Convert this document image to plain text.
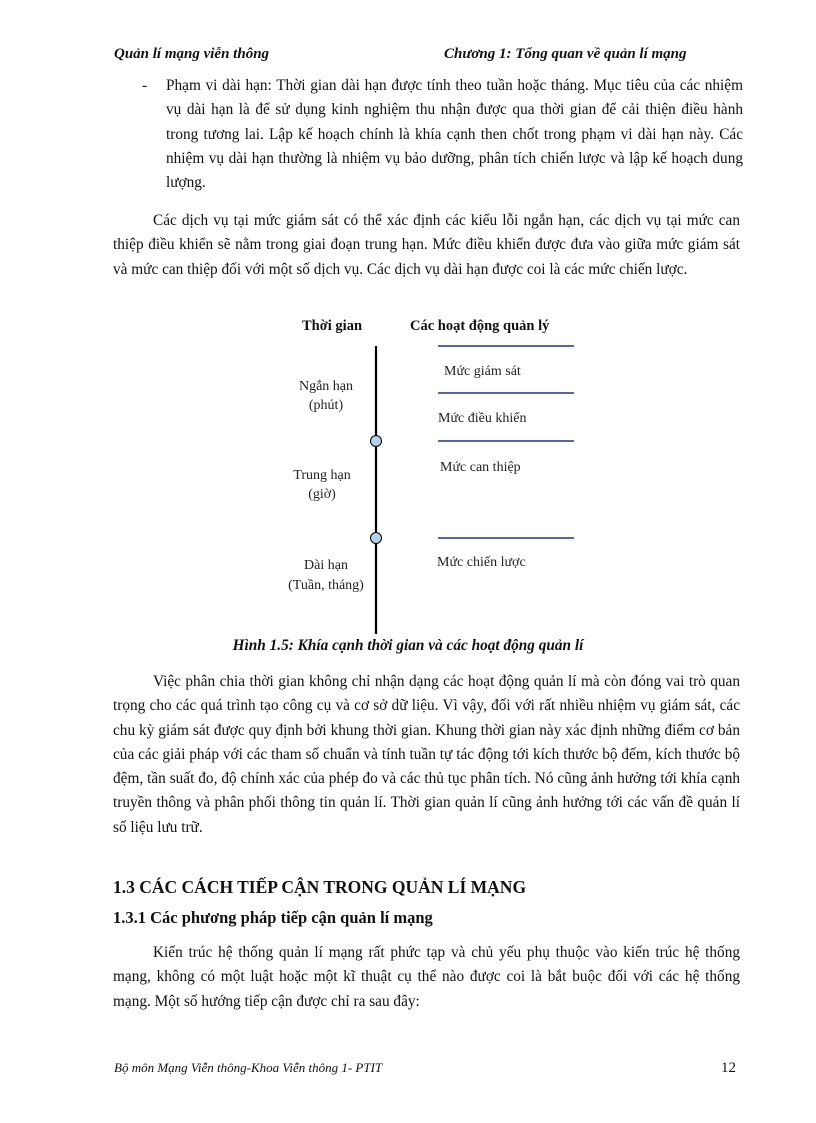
Quản lí mạng viễn thông	Chương 1: Tổng quan về quản lí mạng
- Phạm vi dài hạn: Thời gian dài hạn được tính theo tuần hoặc tháng. Mục tiêu của các nhiệm vụ dài hạn là để sử dụng kinh nghiệm thu nhận được qua thời gian để cải thiện điều hành trong tương lai. Lập kế hoạch chính là khía cạnh then chốt trong phạm vi dài hạn này. Các nhiệm vụ dài hạn thường là nhiệm vụ bảo dưỡng, phân tích chiến lược và lập kế hoạch dung lượng.

Các dịch vụ tại mức giám sát có thể xác định các kiểu lỗi ngắn hạn, các dịch vụ tại mức can thiệp điều khiển sẽ nằm trong giai đoạn trung hạn. Mức điều khiển được đưa vào giữa mức giám sát và mức can thiệp đối với một số dịch vụ. Các dịch vụ dài hạn được coi là các mức chiến lược.

Thời gian	Các hoạt động quản lý
Ngắn hạn
(phút)
Trung hạn
(giờ)
Dài hạn
(Tuần, tháng)
Mức giám sát
Mức điều khiển
Mức can thiệp
Mức chiến lược
Hình 1.5: Khía cạnh thời gian và các hoạt động quản lí

Việc phân chia thời gian không chỉ nhận dạng các hoạt động quản lí mà còn đóng vai trò quan trọng cho các quá trình tạo công cụ và cơ sở dữ liệu. Vì vậy, đối với rất nhiều nhiệm vụ giám sát, các chu kỳ giám sát được quy định bởi khung thời gian. Khung thời gian này xác định những điểm cơ bản của các giải pháp với các tham số chuẩn và tính tuần tự tác động tới kích thước bộ đếm, kích thước bộ đệm, tần suất đo, độ chính xác của phép đo và các thủ tục phân tích. Nó cũng ảnh hưởng tới khía cạnh truyền thông và phân phối thông tin quản lí. Thời gian quản lí cũng ảnh hưởng tới các vấn đề quản lí số liệu lưu trữ.

1.3 CÁC CÁCH TIẾP CẬN TRONG QUẢN LÍ MẠNG
1.3.1 Các phương pháp tiếp cận quản lí mạng

Kiến trúc hệ thống quản lí mạng rất phức tạp và chủ yếu phụ thuộc vào kiến trúc hệ thống mạng, không có một luật hoặc một kĩ thuật cụ thể nào được coi là bắt buộc đối với các hệ thống mạng. Một số hướng tiếp cận được chỉ ra sau đây:

Bộ môn Mạng Viễn thông-Khoa Viễn thông 1- PTIT	12
